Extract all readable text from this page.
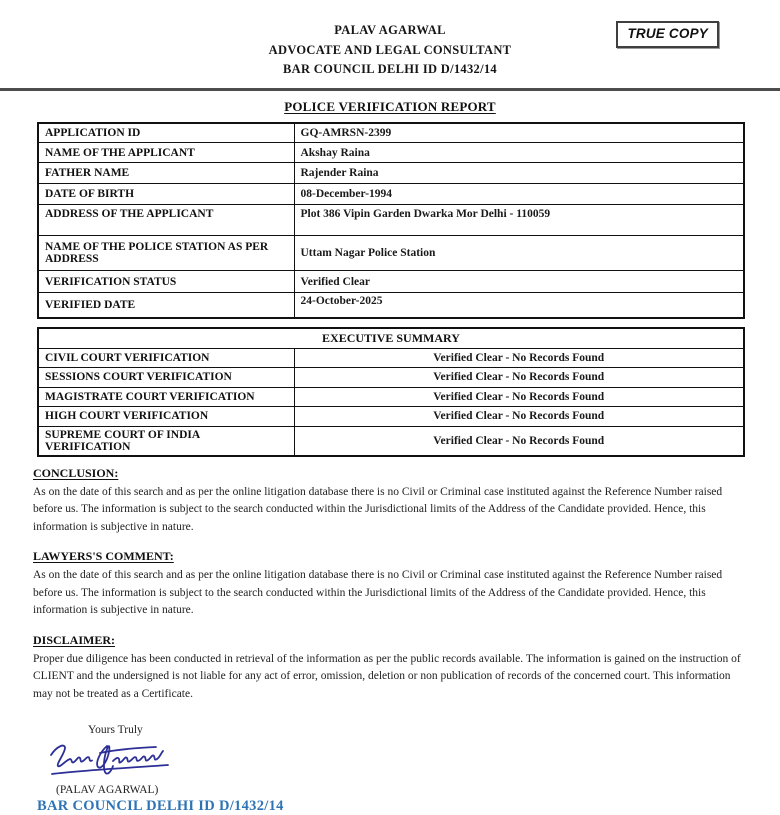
PALAV AGARWAL
ADVOCATE AND LEGAL CONSULTANT
BAR COUNCIL DELHI ID D/1432/14
TRUE COPY
POLICE VERIFICATION REPORT
APPLICATION ID	GQ-AMRSN-2399
NAME OF THE APPLICANT	Akshay Raina
FATHER NAME	Rajender Raina
DATE OF BIRTH	08-December-1994
ADDRESS OF THE APPLICANT	Plot 386 Vipin Garden Dwarka Mor Delhi - 110059
NAME OF THE POLICE STATION AS PER ADDRESS	Uttam Nagar Police Station
VERIFICATION STATUS	Verified Clear
VERIFIED DATE	24-October-2025
EXECUTIVE SUMMARY	
CIVIL COURT VERIFICATION	Verified Clear - No Records Found
SESSIONS COURT VERIFICATION	Verified Clear - No Records Found
MAGISTRATE COURT VERIFICATION	Verified Clear - No Records Found
HIGH COURT VERIFICATION	Verified Clear - No Records Found
SUPREME COURT OF INDIA VERIFICATION	Verified Clear - No Records Found
CONCLUSION:
As on the date of this search and as per the online litigation database there is no Civil or Criminal case instituted against the Reference Number raised before us. The information is subject to the search conducted within the Jurisdictional limits of the Address of the Candidate provided. Hence, this information is subjective in nature.
LAWYERS'S COMMENT:
As on the date of this search and as per the online litigation database there is no Civil or Criminal case instituted against the Reference Number raised before us. The information is subject to the search conducted within the Jurisdictional limits of the Address of the Candidate provided. Hence, this information is subjective in nature.
DISCLAIMER:
Proper due diligence has been conducted in retrieval of the information as per the public records available. The information is gained on the instruction of CLIENT and the undersigned is not liable for any act of error, omission, deletion or non publication of records of the concerned court. This information may not be treated as a Certificate.
Yours Truly
(PALAV AGARWAL)
BAR COUNCIL DELHI ID D/1432/14
